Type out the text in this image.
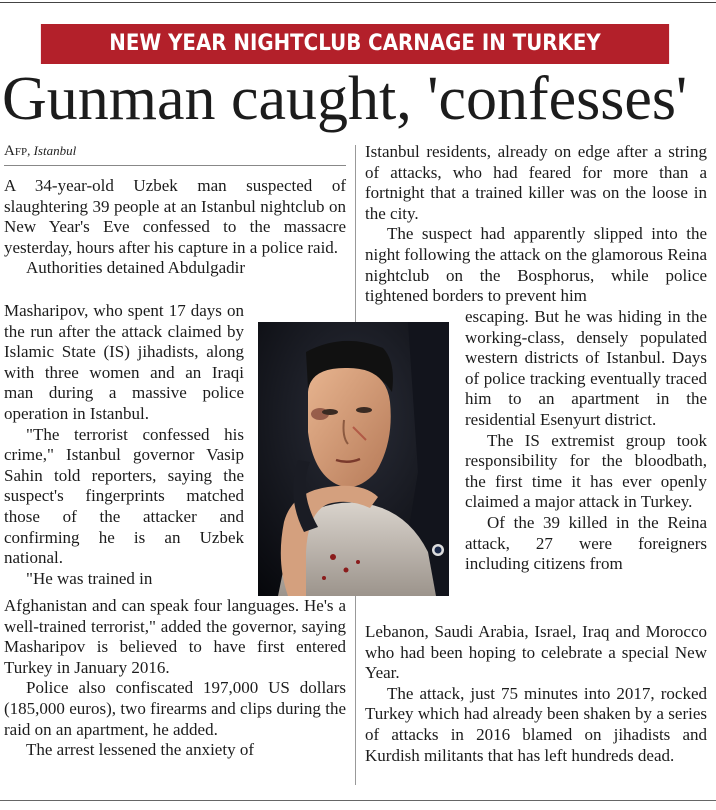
NEW YEAR NIGHTCLUB CARNAGE IN TURKEY
Gunman caught, 'confesses'
Afp, Istanbul

A 34-year-old Uzbek man suspected of slaughtering 39 people at an Istanbul nightclub on New Year's Eve confessed to the massacre yesterday, hours after his capture in a police raid.

Authorities detained Abdulgadir

Masharipov, who spent 17 days on the run after the attack claimed by Islamic State (IS) jihadists, along with three women and an Iraqi man during a massive police operation in Istanbul.

"The terrorist confessed his crime," Istanbul governor Vasip Sahin told reporters, saying the suspect's fingerprints matched those of the attacker and confirming he is an Uzbek national.

"He was trained in

Afghanistan and can speak four languages. He's a well-trained terrorist," added the governor, saying Masharipov is believed to have first entered Turkey in January 2016.

Police also confiscated 197,000 US dollars (185,000 euros), two firearms and clips during the raid on an apartment, he added.

The arrest lessened the anxiety of

Istanbul residents, already on edge after a string of attacks, who had feared for more than a fortnight that a trained killer was on the loose in the city.

The suspect had apparently slipped into the night following the attack on the glamorous Reina nightclub on the Bosphorus, while police tightened borders to prevent him

escaping. But he was hiding in the working-class, densely populated western districts of Istanbul. Days of police tracking eventually traced him to an apartment in the residential Esenyurt district.

The IS extremist group took responsibility for the bloodbath, the first time it has ever openly claimed a major attack in Turkey.

Of the 39 killed in the Reina attack, 27 were foreigners including citizens from

Lebanon, Saudi Arabia, Israel, Iraq and Morocco who had been hoping to celebrate a special New Year.

The attack, just 75 minutes into 2017, rocked Turkey which had already been shaken by a series of attacks in 2016 blamed on jihadists and Kurdish militants that has left hundreds dead.
